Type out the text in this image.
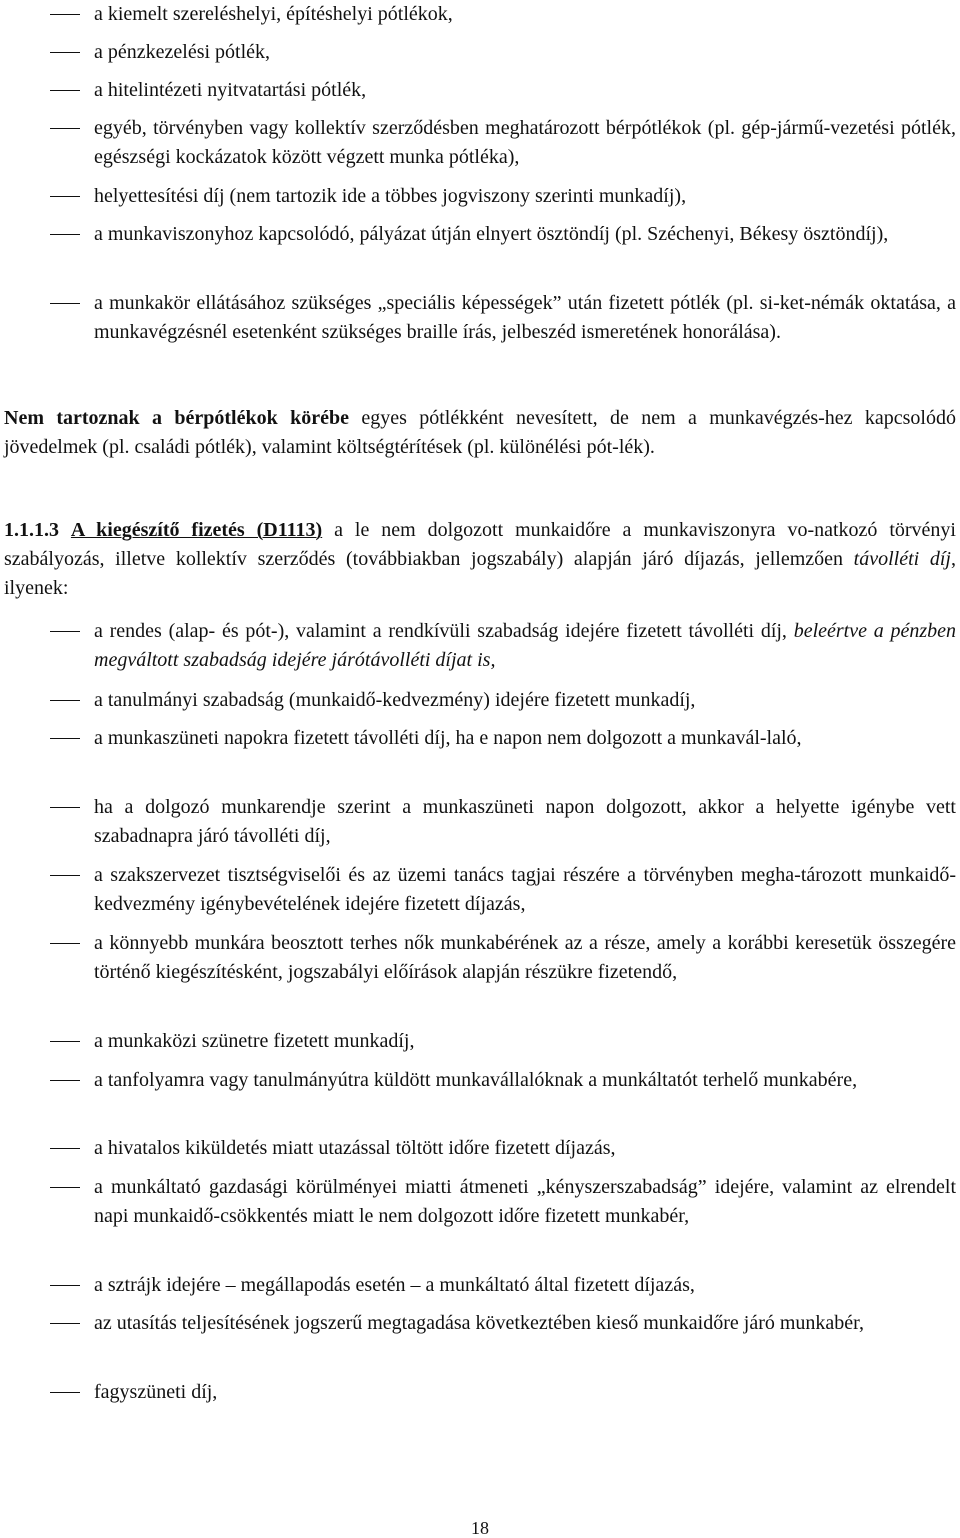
a kiemelt szereléshelyi, építéshelyi pótlékok,
a pénzkezelési pótlék,
a hitelintézeti nyitvatartási pótlék,
egyéb, törvényben vagy kollektív szerződésben meghatározott bérpótlékok (pl. gép-jármű-vezetési pótlék, egészségi kockázatok között végzett munka pótléka),
helyettesítési díj (nem tartozik ide a többes jogviszony szerinti munkadíj),
a munkaviszonyhoz kapcsolódó, pályázat útján elnyert ösztöndíj (pl. Széchenyi, Békesy ösztöndíj),
a munkakör ellátásához szükséges „speciális képességek” után fizetett pótlék (pl. si-ket-némák oktatása, a munkavégzésnél esetenként szükséges braille írás, jelbeszéd ismeretének honorálása).
Nem tartoznak a bérpótlékok körébe egyes pótlékként nevesített, de nem a munkavégzés-hez kapcsolódó jövedelmek (pl. családi pótlék), valamint költségtérítések (pl. különélési pót-lék).
1.1.1.3 A kiegészítő fizetés (D1113) a le nem dolgozott munkaidőre a munkaviszonyra vo-natkozó törvényi szabályozás, illetve kollektív szerződés (továbbiakban jogszabály) alapján járó díjazás, jellemzően távolléti díj, ilyenek:
a rendes (alap- és pót-), valamint a rendkívüli szabadság idejére fizetett távolléti díj, beleértve a pénzben megváltott szabadság idejére járótávolléti díjat is,
a tanulmányi szabadság (munkaidő-kedvezmény) idejére fizetett munkadíj,
a munkaszüneti napokra fizetett távolléti díj, ha e napon nem dolgozott a munkavál-laló,
ha a dolgozó munkarendje szerint a munkaszüneti napon dolgozott, akkor a helyette igénybe vett szabadnapra járó távolléti díj,
a szakszervezet tisztségviselői és az üzemi tanács tagjai részére a törvényben megha-tározott munkaidő-kedvezmény igénybevételének idejére fizetett díjazás,
a könnyebb munkára beosztott terhes nők munkabérének az a része, amely a korábbi keresetük összegére történő kiegészítésként, jogszabályi előírások alapján részükre fizetendő,
a munkaközi szünetre fizetett munkadíj,
a tanfolyamra vagy tanulmányútra küldött munkavállalóknak a munkáltatót terhelő munkabére,
a hivatalos kiküldetés miatt utazással töltött időre fizetett díjazás,
a munkáltató gazdasági körülményei miatti átmeneti „kényszerszabadság” idejére, valamint az elrendelt napi munkaidő-csökkentés miatt le nem dolgozott időre fizetett munkabér,
a sztrájk idejére – megállapodás esetén – a munkáltató által fizetett díjazás,
az utasítás teljesítésének jogszerű megtagadása következtében kieső munkaidőre járó munkabér,
fagyszüneti díj,
18
